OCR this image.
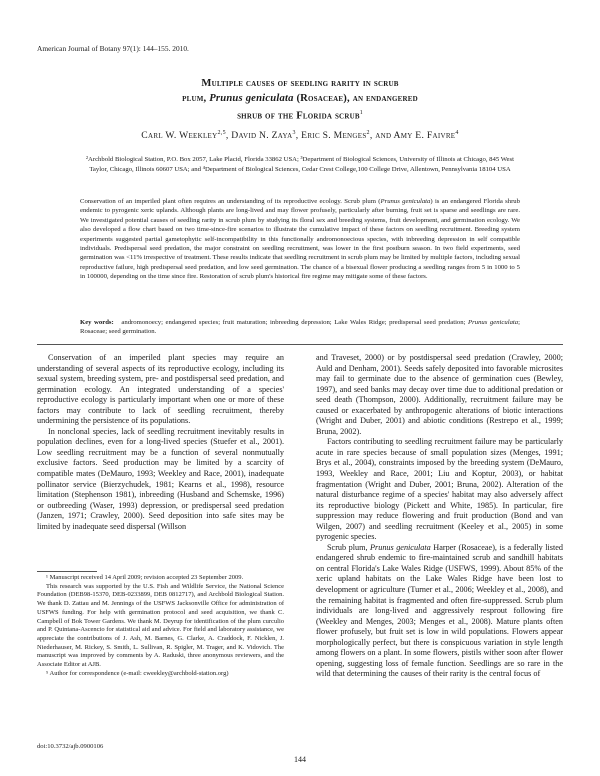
American Journal of Botany 97(1): 144–155. 2010.
Multiple causes of seedling rarity in scrub
plum, Prunus geniculata (Rosaceae), an endangered
shrub of the Florida scrub$^1$
Carl W. Weekley$^{2,5}$, David N. Zaya$^3$, Eric S. Menges$^2$, and Amy E. Faivre$^4$
²Archbold Biological Station, P.O. Box 2057, Lake Placid, Florida 33862 USA; ³Department of Biological Sciences, University of Illinois at Chicago, 845 West Taylor, Chicago, Illinois 60607 USA; and ⁴Department of Biological Sciences, Cedar Crest College,100 College Drive, Allentown, Pennsylvania 18104 USA
Conservation of an imperiled plant often requires an understanding of its reproductive ecology. Scrub plum (Prunus geniculata) is an endangered Florida shrub endemic to pyrogenic xeric uplands. Although plants are long-lived and may flower profusely, particularly after burning, fruit set is sparse and seedlings are rare. We investigated potential causes of seedling rarity in scrub plum by studying its floral sex and breeding systems, fruit development, and germination ecology. We also developed a flow chart based on two time-since-fire scenarios to illustrate the cumulative impact of these factors on seedling recruitment. Breeding system experiments suggested partial gametophytic self-incompatibility in this functionally andromonoecious species, with inbreeding depression in self compatible individuals. Predispersal seed predation, the major constraint on seedling recruitment, was lower in the first postburn season. In two field experiments, seed germination was <11% irrespective of treatment. These results indicate that seedling recruitment in scrub plum may be limited by multiple factors, including sexual reproductive failure, high predispersal seed predation, and low seed germination. The chance of a bisexual flower producing a seedling ranges from 5 in 1000 to 5 in 100000, depending on the time since fire. Restoration of scrub plum's historical fire regime may mitigate some of these factors.
Key words: andromonoecy; endangered species; fruit maturation; inbreeding depression; Lake Wales Ridge; predispersal seed predation; Prunus geniculata; Rosaceae; seed germination.

Conservation of an imperiled plant species may require an understanding of several aspects of its reproductive ecology, including its sexual system, breeding system, pre- and postdispersal seed predation, and germination ecology. An integrated understanding of a species' reproductive ecology is particularly important when one or more of these factors may contribute to lack of seedling recruitment, thereby undermining the persistence of its populations.

In nonclonal species, lack of seedling recruitment inevitably results in population declines, even for a long-lived species (Stuefer et al., 2001). Low seedling recruitment may be a function of several nonmutually exclusive factors. Seed production may be limited by a scarcity of compatible mates (DeMauro, 1993; Weekley and Race, 2001), inadequate pollinator service (Bierzychudek, 1981; Kearns et al., 1998), resource limitation (Stephenson 1981), inbreeding (Husband and Schemske, 1996) or outbreeding (Waser, 1993) depression, or predispersal seed predation (Janzen, 1971; Crawley, 2000). Seed deposition into safe sites may be limited by inadequate seed dispersal (Willson

¹ Manuscript received 14 April 2009; revision accepted 23 September 2009.

This research was supported by the U.S. Fish and Wildlife Service, the National Science Foundation (DEB98-15370, DEB-0233899, DEB 0812717), and Archbold Biological Station. We thank D. Zattau and M. Jennings of the USFWS Jacksonville Office for administration of USFWS funding. For help with germination protocol and seed acquisition, we thank C. Campbell of Bok Tower Gardens. We thank M. Deyrup for identification of the plum curculio and P. Quintana-Ascencio for statistical aid and advice. For field and laboratory assistance, we appreciate the contributions of J. Ash, M. Barnes, G. Clarke, A. Craddock, F. Nicklen, J. Niederhauser, M. Rickey, S. Smith, L. Sullivan, R. Spigler, M. Trager, and K. Vidovich. The manuscript was improved by comments by A. Raduski, three anonymous reviewers, and the Associate Editor at AJB.

⁵ Author for correspondence (e-mail: cweekley@archbold-station.org)

and Traveset, 2000) or by postdispersal seed predation (Crawley, 2000; Auld and Denham, 2001). Seeds safely deposited into favorable microsites may fail to germinate due to the absence of germination cues (Bewley, 1997), and seed banks may decay over time due to additional predation or seed death (Thompson, 2000). Additionally, recruitment failure may be caused or exacerbated by anthropogenic alterations of biotic interactions (Wright and Duber, 2001) and abiotic conditions (Restrepo et al., 1999; Bruna, 2002).

Factors contributing to seedling recruitment failure may be particularly acute in rare species because of small population sizes (Menges, 1991; Brys et al., 2004), constraints imposed by the breeding system (DeMauro, 1993, Weekley and Race, 2001; Liu and Koptur, 2003), or habitat fragmentation (Wright and Duber, 2001; Bruna, 2002). Alteration of the natural disturbance regime of a species' habitat may also adversely affect its reproductive biology (Pickett and White, 1985). In particular, fire suppression may reduce flowering and fruit production (Bond and van Wilgen, 2007) and seedling recruitment (Keeley et al., 2005) in some pyrogenic species.

Scrub plum, Prunus geniculata Harper (Rosaceae), is a federally listed endangered shrub endemic to fire-maintained scrub and sandhill habitats on central Florida's Lake Wales Ridge (USFWS, 1999). About 85% of the xeric upland habitats on the Lake Wales Ridge have been lost to development or agriculture (Turner et al., 2006; Weekley et al., 2008), and the remaining habitat is fragmented and often fire-suppressed. Scrub plum individuals are long-lived and aggressively resprout following fire (Weekley and Menges, 2003; Menges et al., 2008). Mature plants often flower profusely, but fruit set is low in wild populations. Flowers appear morphologically perfect, but there is conspicuous variation in style length among flowers on a plant. In some flowers, pistils wither soon after flower opening, suggesting loss of female function. Seedlings are so rare in the wild that determining the causes of their rarity is the central focus of

doi:10.3732/ajb.0900106
144
